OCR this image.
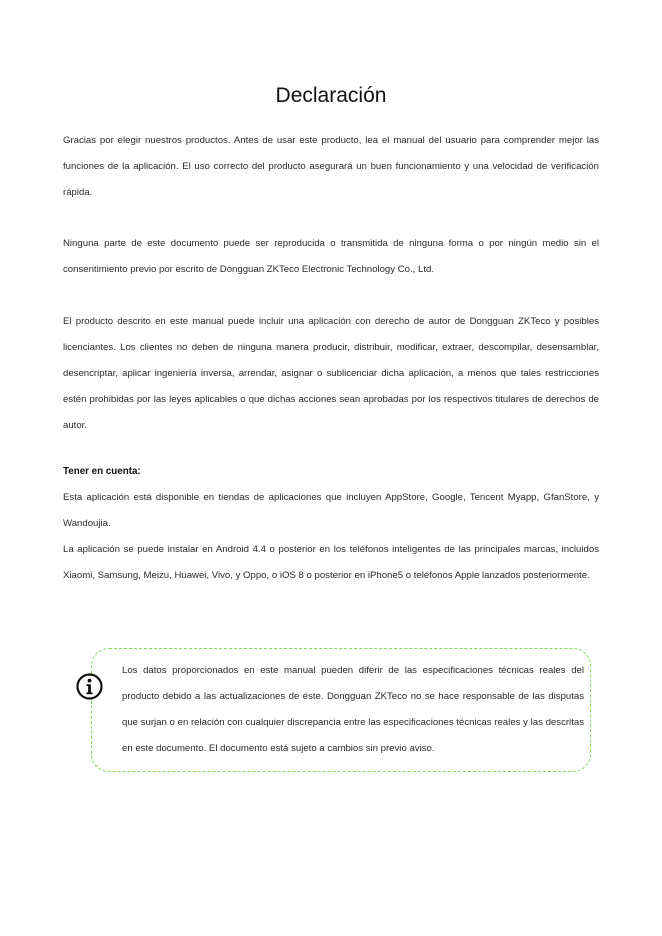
Declaración

Gracias por elegir nuestros productos. Antes de usar este producto, lea el manual del usuario para comprender mejor las funciones de la aplicación. El uso correcto del producto asegurará un buen funcionamiento y una velocidad de verificación rápida.

Ninguna parte de este documento puede ser reproducida o transmitida de ninguna forma o por ningún medio sin el consentimiento previo por escrito de Dongguan ZKTeco Electronic Technology Co., Ltd.

El producto descrito en este manual puede incluir una aplicación con derecho de autor de Dongguan ZKTeco y posibles licenciantes. Los clientes no deben de ninguna manera producir, distribuir, modificar, extraer, descompilar, desensamblar, desencriptar, aplicar ingeniería inversa, arrendar, asignar o sublicenciar dicha aplicación, a menos que tales restricciones estén prohibidas por las leyes aplicables o que dichas acciones sean aprobadas por los respectivos titulares de derechos de autor.

Tener en cuenta:

Esta aplicación está disponible en tiendas de aplicaciones que incluyen AppStore, Google, Tencent Myapp, GfanStore, y Wandoujia.

La aplicación se puede instalar en Android 4.4 o posterior en los teléfonos inteligentes de las principales marcas, incluidos Xiaomi, Samsung, Meizu, Huawei, Vivo, y Oppo, o iOS 8 o posterior en iPhone5 o teléfonos Apple lanzados posteriormente.

Los datos proporcionados en este manual pueden diferir de las especificaciones técnicas reales del producto debido a las actualizaciones de éste. Dongguan ZKTeco no se hace responsable de las disputas que surjan o en relación con cualquier discrepancia entre las especificaciones técnicas reales y las descritas en este documento. El documento está sujeto a cambios sin previo aviso.
